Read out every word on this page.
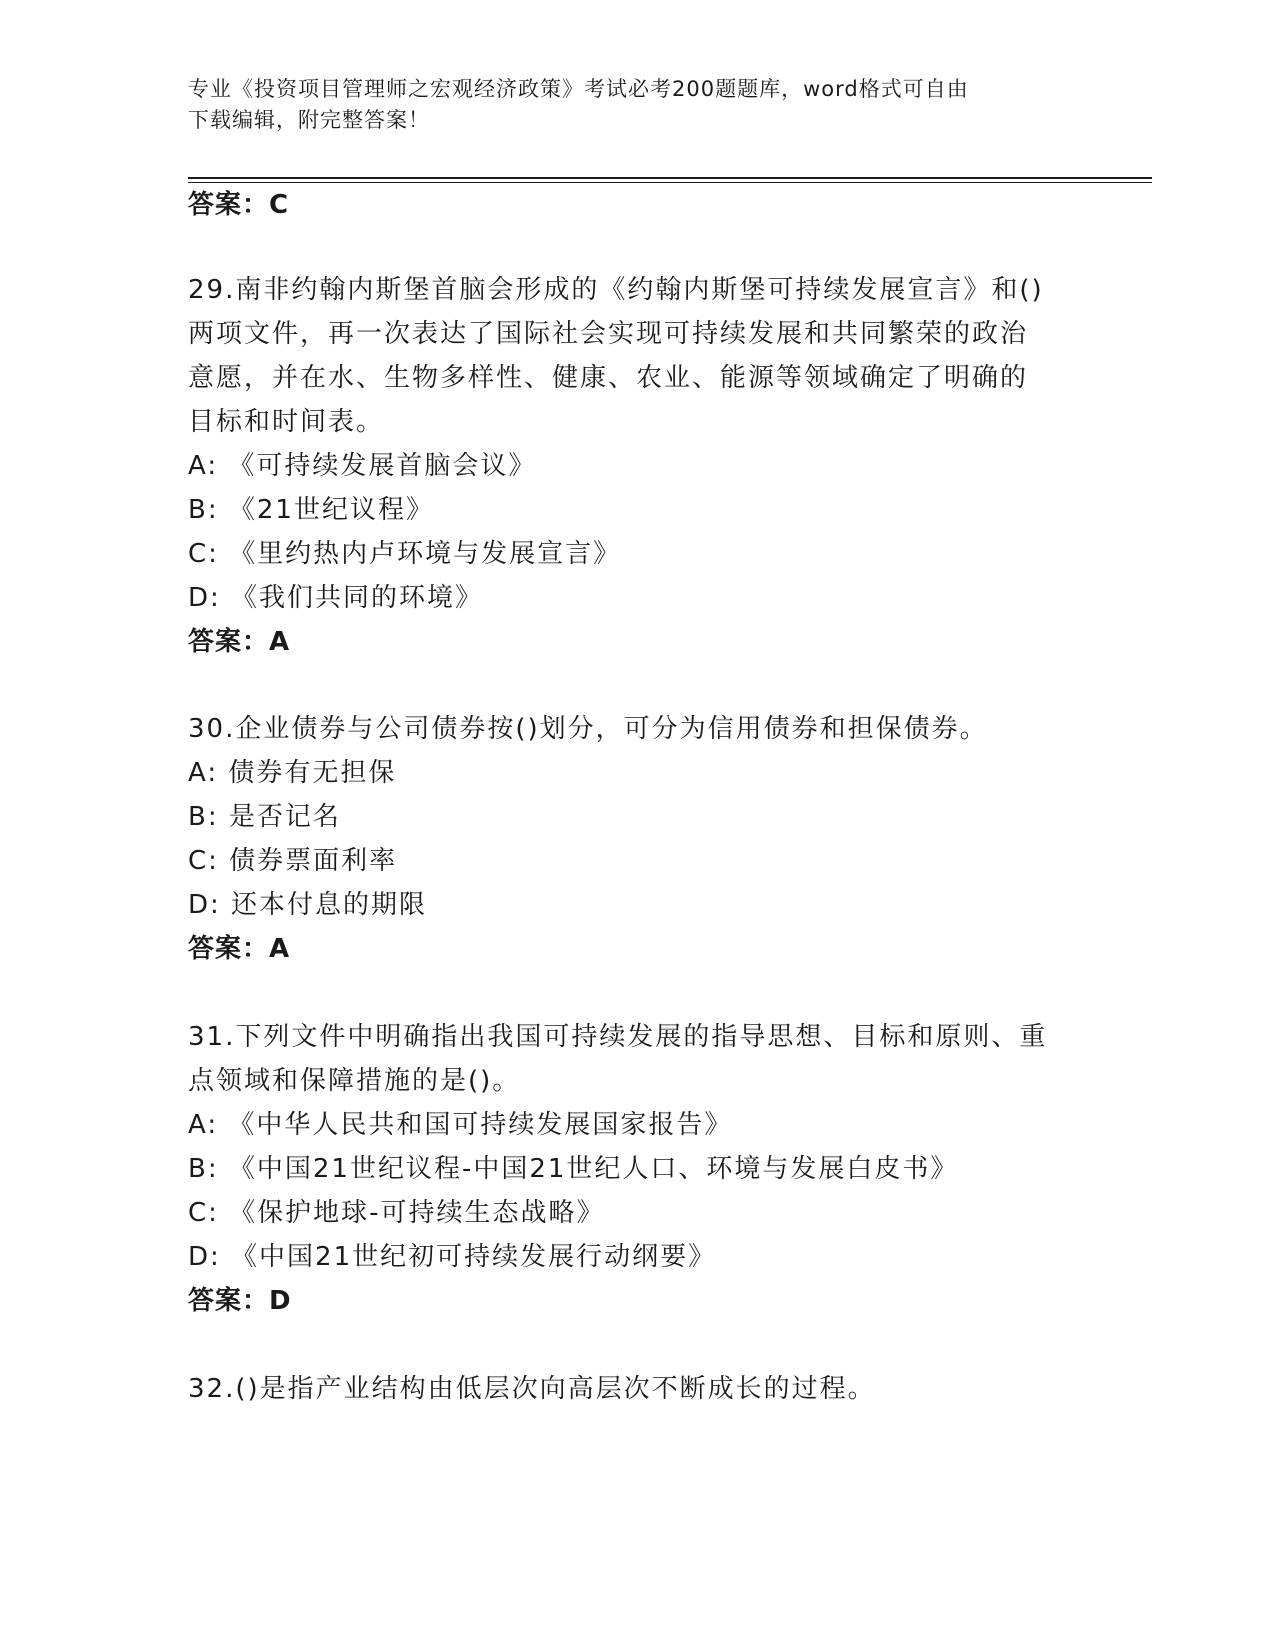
专业《投资项目管理师之宏观经济政策》考试必考200题题库，word格式可自由
下载编辑，附完整答案！
答案：C
29.南非约翰内斯堡首脑会形成的《约翰内斯堡可持续发展宣言》和()
两项文件，再一次表达了国际社会实现可持续发展和共同繁荣的政治
意愿，并在水、生物多样性、健康、农业、能源等领域确定了明确的
目标和时间表。
A: 《可持续发展首脑会议》
B: 《21世纪议程》
C: 《里约热内卢环境与发展宣言》
D: 《我们共同的环境》
答案：A
30.企业债券与公司债券按()划分，可分为信用债券和担保债券。
A: 债券有无担保
B: 是否记名
C: 债券票面利率
D: 还本付息的期限
答案：A
31.下列文件中明确指出我国可持续发展的指导思想、目标和原则、重
点领域和保障措施的是()。
A: 《中华人民共和国可持续发展国家报告》
B: 《中国21世纪议程-中国21世纪人口、环境与发展白皮书》
C: 《保护地球-可持续生态战略》
D: 《中国21世纪初可持续发展行动纲要》
答案：D
32.()是指产业结构由低层次向高层次不断成长的过程。
